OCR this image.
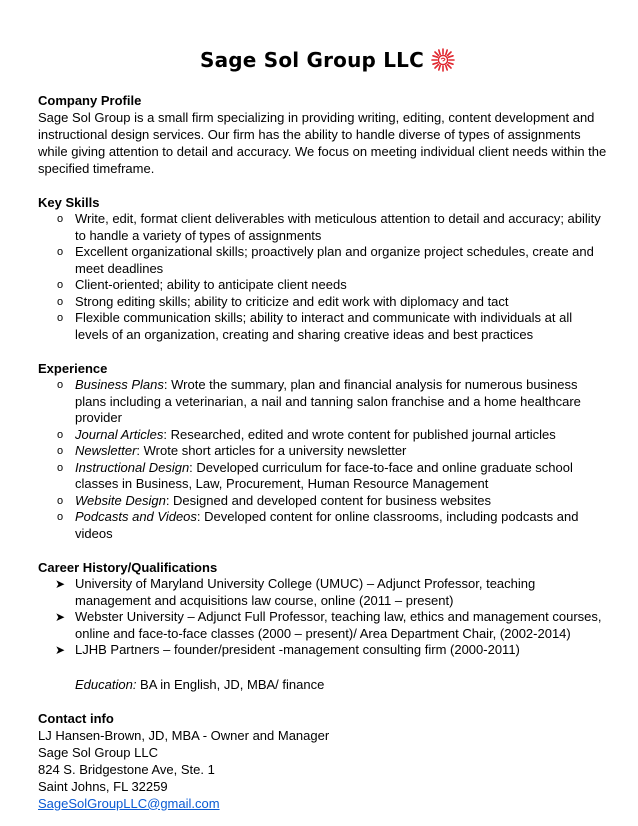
Sage Sol Group LLC
Company Profile

Sage Sol Group is a small firm specializing in providing writing, editing, content development and instructional design services. Our firm has the ability to handle diverse of types of assignments while giving attention to detail and accuracy. We focus on meeting individual client needs within the specified timeframe.

Key Skills
o Write, edit, format client deliverables with meticulous attention to detail and accuracy; ability to handle a variety of types of assignments
o Excellent organizational skills; proactively plan and organize project schedules, create and meet deadlines
o Client-oriented; ability to anticipate client needs
o Strong editing skills; ability to criticize and edit work with diplomacy and tact
o Flexible communication skills; ability to interact and communicate with individuals at all levels of an organization, creating and sharing creative ideas and best practices
Experience
o Business Plans: Wrote the summary, plan and financial analysis for numerous business plans including a veterinarian, a nail and tanning salon franchise and a home healthcare provider
o Journal Articles: Researched, edited and wrote content for published journal articles
o Newsletter: Wrote short articles for a university newsletter
o Instructional Design: Developed curriculum for face-to-face and online graduate school classes in Business, Law, Procurement, Human Resource Management
o Website Design: Designed and developed content for business websites
o Podcasts and Videos: Developed content for online classrooms, including podcasts and videos
Career History/Qualifications
➤ University of Maryland University College (UMUC) – Adjunct Professor, teaching management and acquisitions law course, online (2011 – present)
➤ Webster University – Adjunct Full Professor, teaching law, ethics and management courses, online and face-to-face classes (2000 – present)/ Area Department Chair, (2002-2014)
➤ LJHB Partners – founder/president -management consulting firm (2000-2011)
Education: BA in English, JD, MBA/ finance
Contact info
LJ Hansen-Brown, JD, MBA - Owner and Manager
Sage Sol Group LLC
824 S. Bridgestone Ave, Ste. 1
Saint Johns, FL 32259
SageSolGroupLLC@gmail.com
